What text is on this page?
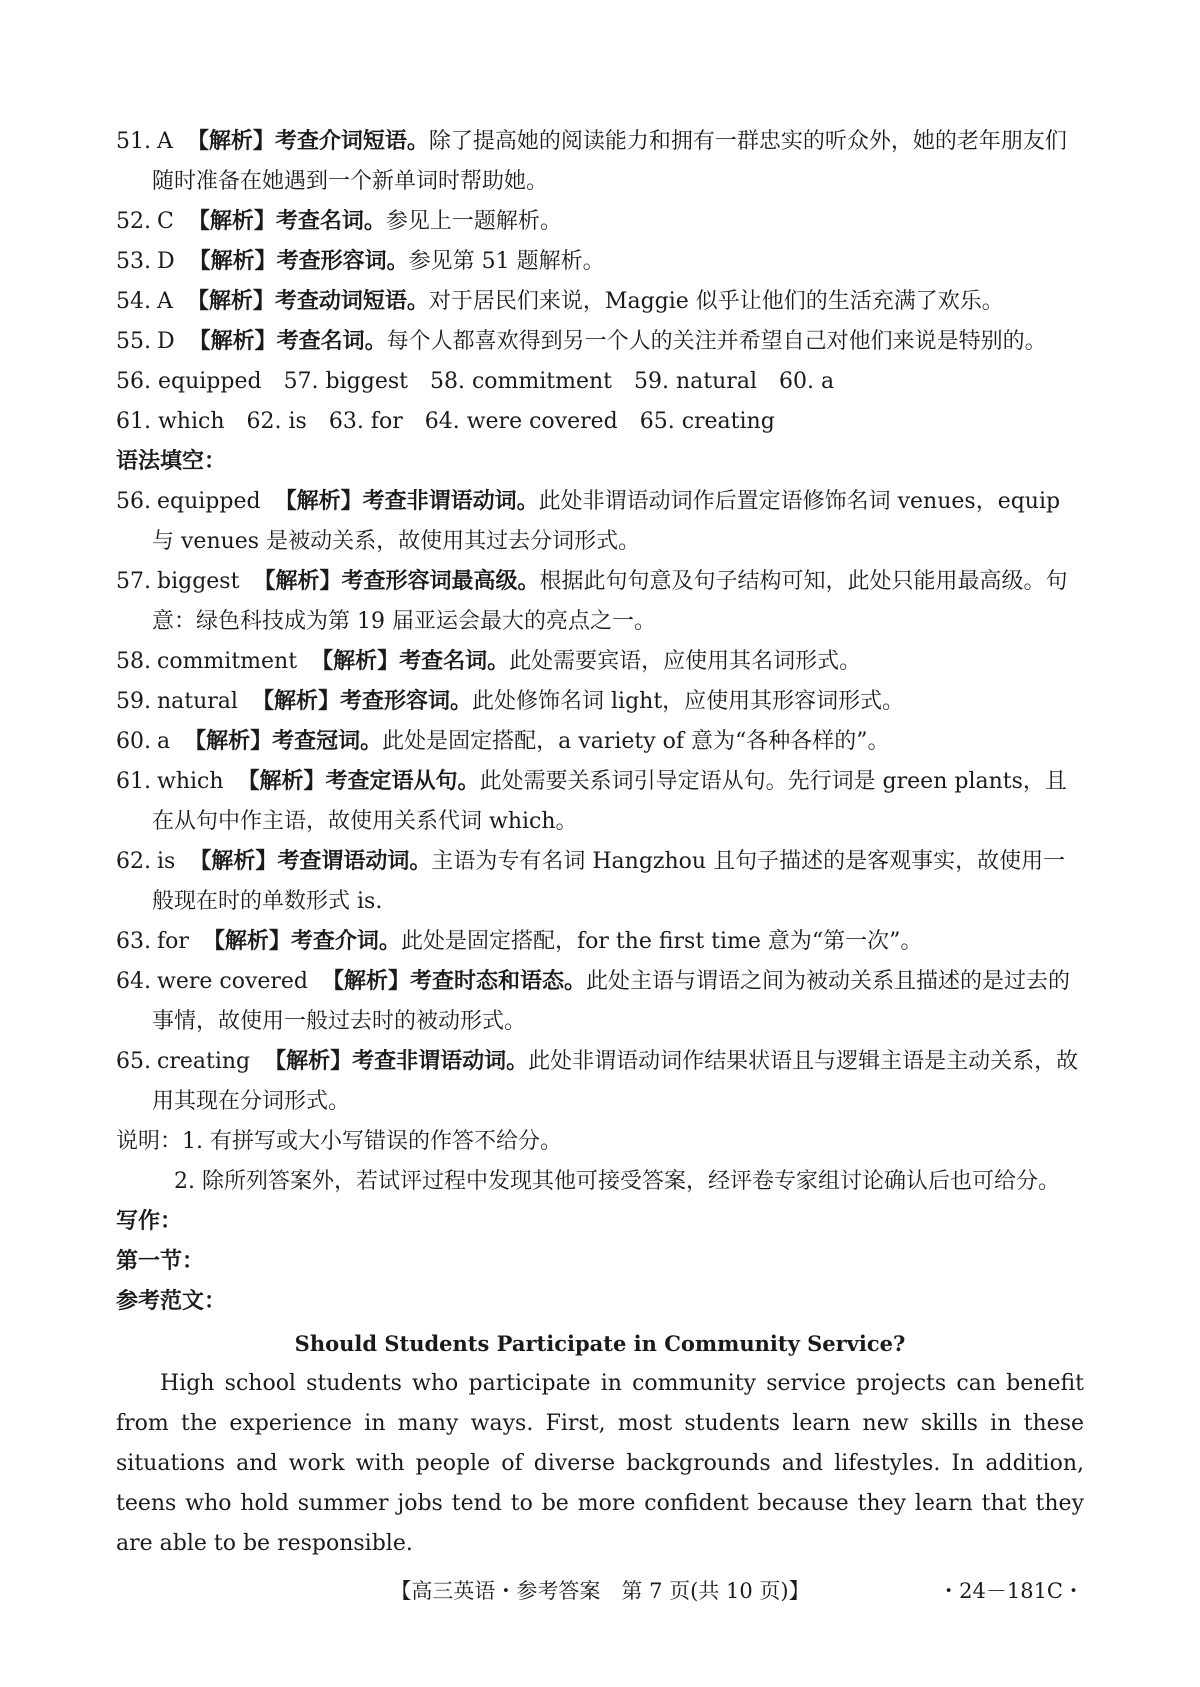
51. A 【解析】考查介词短语。除了提高她的阅读能力和拥有一群忠实的听众外，她的老年朋友们随时准备在她遇到一个新单词时帮助她。
52. C 【解析】考查名词。参见上一题解析。
53. D 【解析】考查形容词。参见第 51 题解析。
54. A 【解析】考查动词短语。对于居民们来说，Maggie 似乎让他们的生活充满了欢乐。
55. D 【解析】考查名词。每个人都喜欢得到另一个人的关注并希望自己对他们来说是特别的。
56. equipped 57. biggest 58. commitment 59. natural 60. a
61. which 62. is 63. for 64. were covered 65. creating
语法填空：
56. equipped 【解析】考查非谓语动词。此处非谓语动词作后置定语修饰名词 venues，equip 与 venues 是被动关系，故使用其过去分词形式。
57. biggest 【解析】考查形容词最高级。根据此句句意及句子结构可知，此处只能用最高级。句意：绿色科技成为第 19 届亚运会最大的亮点之一。
58. commitment 【解析】考查名词。此处需要宾语，应使用其名词形式。
59. natural 【解析】考查形容词。此处修饰名词 light，应使用其形容词形式。
60. a 【解析】考查冠词。此处是固定搭配，a variety of 意为“各种各样的”。
61. which 【解析】考查定语从句。此处需要关系词引导定语从句。先行词是 green plants，且在从句中作主语，故使用关系代词 which。
62. is 【解析】考查谓语动词。主语为专有名词 Hangzhou 且句子描述的是客观事实，故使用一般现在时的单数形式 is.
63. for 【解析】考查介词。此处是固定搭配，for the first time 意为“第一次”。
64. were covered 【解析】考查时态和语态。此处主语与谓语之间为被动关系且描述的是过去的事情，故使用一般过去时的被动形式。
65. creating 【解析】考查非谓语动词。此处非谓语动词作结果状语且与逻辑主语是主动关系，故用其现在分词形式。
说明：1. 有拼写或大小写错误的作答不给分。
2. 除所列答案外，若试评过程中发现其他可接受答案，经评卷专家组讨论确认后也可给分。
写作：
第一节：
参考范文：
Should Students Participate in Community Service?
High school students who participate in community service projects can benefit from the experience in many ways. First, most students learn new skills in these situations and work with people of diverse backgrounds and lifestyles. In addition, teens who hold summer jobs tend to be more confident because they learn that they are able to be responsible.
【高三英语・参考答案　第 7 页(共 10 页)】	・24－181C・
